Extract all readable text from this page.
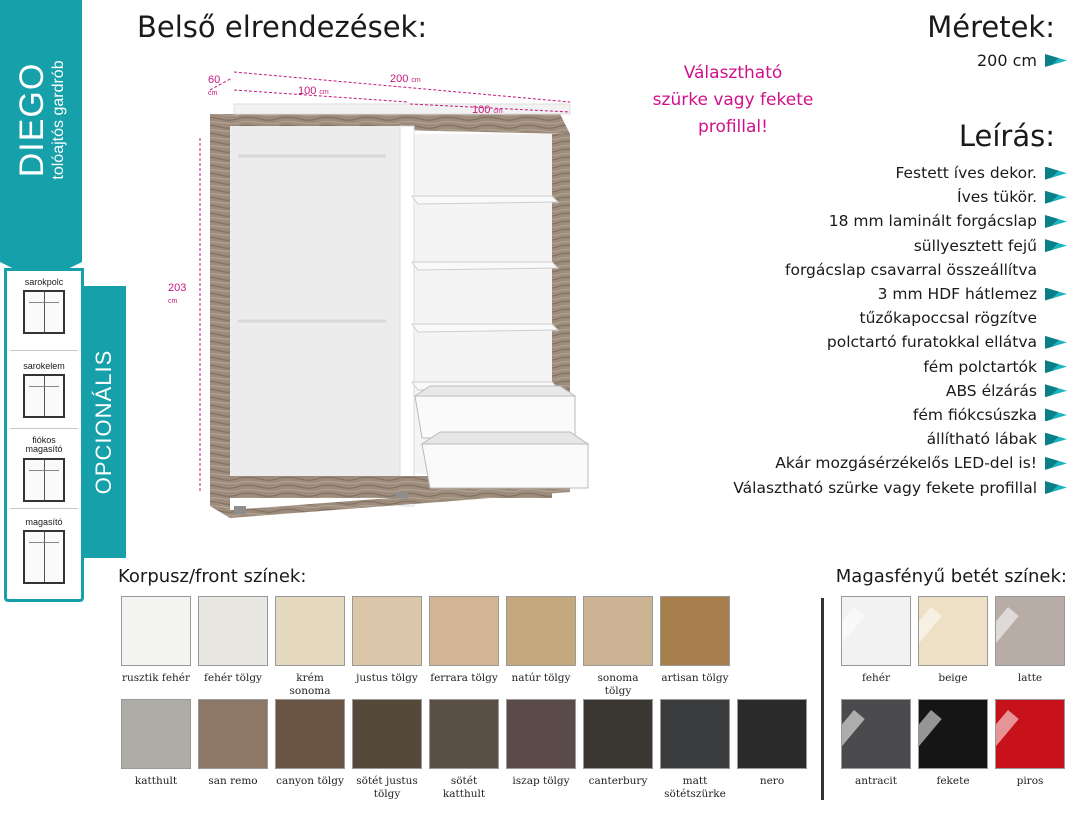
DIEGO tolóajtós gardrób
OPCIONÁLIS
sarokpolc
sarokelem
fiókos magasító
magasító
Belső elrendezések:	Méretek:
200 cm
Leírás:
Választható
szürke vagy fekete
profillal!
Festett íves dekor.
Íves tükör.
18 mm laminált forgácslap
süllyesztett fejű
forgácslap csavarral összeállítva
3 mm HDF hátlemez
tűzőkapoccsal rögzítve
polctartó furatokkal ellátva
fém polctartók
ABS élzárás
fém fiókcsúszka
állítható lábak
Akár mozgásérzékelős LED-del is!
Választható szürke vagy fekete profillal
60
cm
200 cm
100 cm
100 cm
203
cm
Korpusz/front színek:	Magasfényű betét színek:
rusztik fehér	fehér tölgy	krém sonoma
justus tölgy	ferrara tölgy	natúr tölgy	sonoma tölgy
artisan tölgy
katthult	san remo	canyon tölgy	sötét justus tölgy
sötét katthult
iszap tölgy	canterbury	matt sötétszürke
nero
fehér	beige	latte
antracit	fekete	piros
